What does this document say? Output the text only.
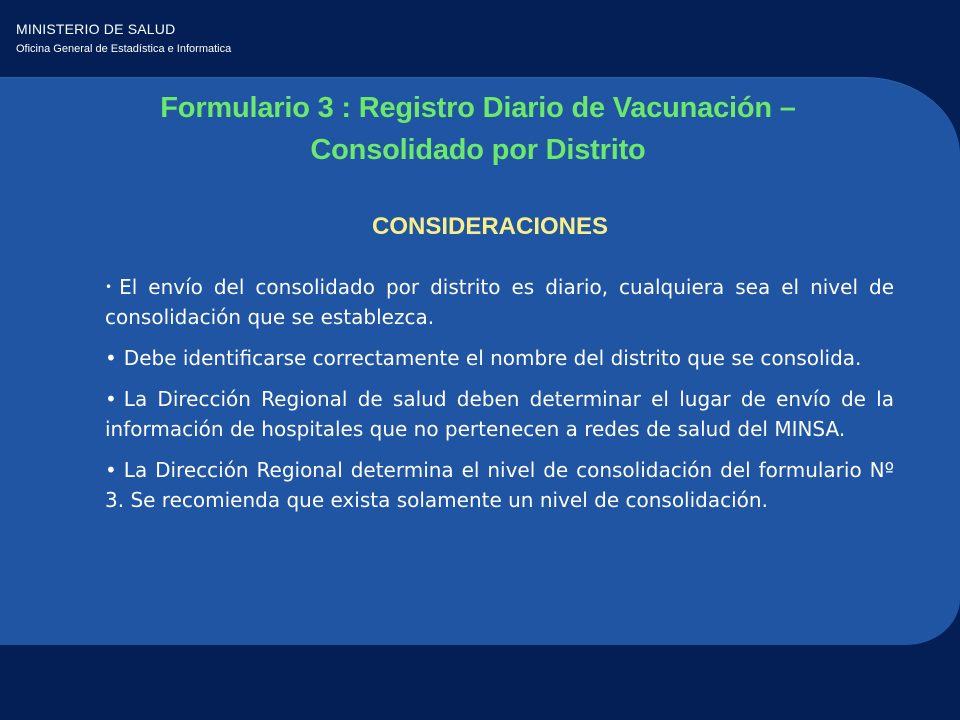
MINISTERIO DE SALUD
Oficina General de Estadística e Informatica
Formulario 3 : Registro Diario de Vacunación –
Consolidado por Distrito
CONSIDERACIONES

• El envío del consolidado por distrito es diario, cualquiera sea el nivel de consolidación que se establezca.

• Debe identificarse correctamente el nombre del distrito que se consolida.

• La Dirección Regional de salud deben determinar el lugar de envío de la información de hospitales que no pertenecen a redes de salud del MINSA.

• La Dirección Regional determina el nivel de consolidación del formulario Nº 3. Se recomienda que exista solamente un nivel de consolidación.
